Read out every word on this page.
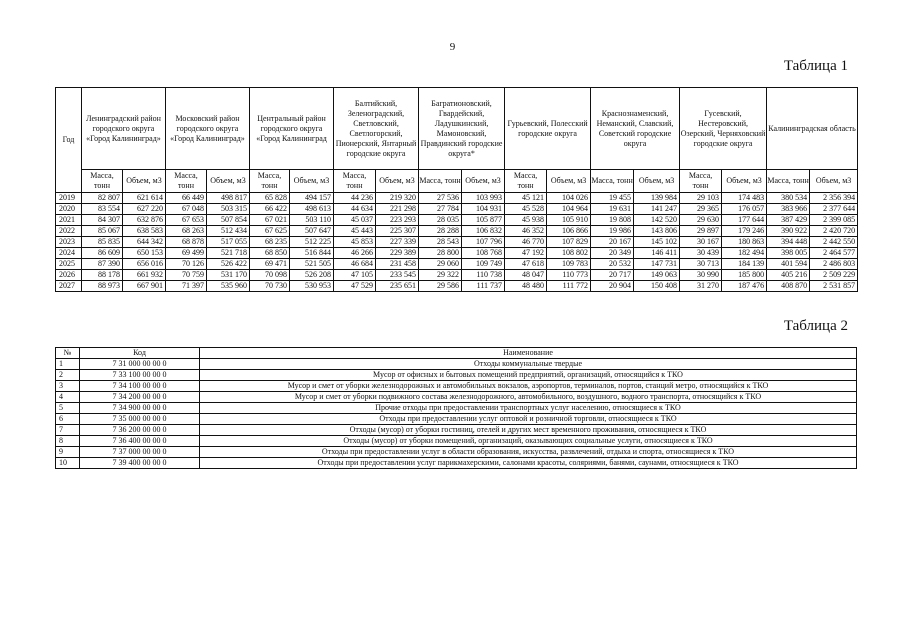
9
Таблица 1
Год	Ленинградский район городского округа «Город Калининград»		Московский район городского округа «Город Калининград»		Центральный район городского округа «Город Калининград		Балтийский, Зеленоградский, Светловский, Светлогорский, Пионерский, Янтарный городские округа		Багратионовский, Гвардейский, Ладушкинский, Мамоновский, Правдинский городские округа*		Гурьевский, Полесский городские округа		Краснознаменский, Неманский, Славский, Советский городские округа		Гусевский, Нестеровский, Озерский, Черняховский городские округа		Калининградская область	
	Масса, тонн	Объем, м3	Масса, тонн	Объем, м3	Масса, тонн	Объем, м3	Масса, тонн	Объем, м3	Масса, тонн	Объем, м3	Масса, тонн	Объем, м3	Масса, тонн	Объем, м3	Масса, тонн	Объем, м3	Масса, тонн	Объем, м3
2019	82 807	621 614	66 449	498 817	65 828	494 157	44 236	219 320	27 536	103 993	45 121	104 026	19 455	139 984	29 103	174 483	380 534	2 356 394
2020	83 554	627 220	67 048	503 315	66 422	498 613	44 634	221 298	27 784	104 931	45 528	104 964	19 631	141 247	29 365	176 057	383 966	2 377 644
2021	84 307	632 876	67 653	507 854	67 021	503 110	45 037	223 293	28 035	105 877	45 938	105 910	19 808	142 520	29 630	177 644	387 429	2 399 085
2022	85 067	638 583	68 263	512 434	67 625	507 647	45 443	225 307	28 288	106 832	46 352	106 866	19 986	143 806	29 897	179 246	390 922	2 420 720
2023	85 835	644 342	68 878	517 055	68 235	512 225	45 853	227 339	28 543	107 796	46 770	107 829	20 167	145 102	30 167	180 863	394 448	2 442 550
2024	86 609	650 153	69 499	521 718	68 850	516 844	46 266	229 389	28 800	108 768	47 192	108 802	20 349	146 411	30 439	182 494	398 005	2 464 577
2025	87 390	656 016	70 126	526 422	69 471	521 505	46 684	231 458	29 060	109 749	47 618	109 783	20 532	147 731	30 713	184 139	401 594	2 486 803
2026	88 178	661 932	70 759	531 170	70 098	526 208	47 105	233 545	29 322	110 738	48 047	110 773	20 717	149 063	30 990	185 800	405 216	2 509 229
2027	88 973	667 901	71 397	535 960	70 730	530 953	47 529	235 651	29 586	111 737	48 480	111 772	20 904	150 408	31 270	187 476	408 870	2 531 857
Таблица 2
№	Код	Наименование
1	7 31 000 00 00 0	Отходы коммунальные твердые
2	7 33 100 00 00 0	Мусор от офисных и бытовых помещений предприятий, организаций, относящийся к ТКО
3	7 34 100 00 00 0	Мусор и смет от уборки железнодорожных и автомобильных вокзалов, аэропортов, терминалов, портов, станций метро, относящийся к ТКО
4	7 34 200 00 00 0	Мусор и смет от уборки подвижного состава железнодорожного, автомобильного, воздушного, водного транспорта, относящийся к ТКО
5	7 34 900 00 00 0	Прочие отходы при предоставлении транспортных услуг населению, относящиеся к ТКО
6	7 35 000 00 00 0	Отходы при предоставлении услуг оптовой и розничной торговли, относящиеся к ТКО
7	7 36 200 00 00 0	Отходы (мусор) от уборки гостиниц, отелей и других мест временного проживания, относящиеся к ТКО
8	7 36 400 00 00 0	Отходы (мусор) от уборки помещений, организаций, оказывающих социальные услуги, относящиеся к ТКО
9	7 37 000 00 00 0	Отходы при предоставлении услуг в области образования, искусства, развлечений, отдыха и спорта, относящиеся к ТКО
10	7 39 400 00 00 0	Отходы при предоставлении услуг парикмахерскими, салонами красоты, соляриями, банями, саунами, относящиеся к ТКО
